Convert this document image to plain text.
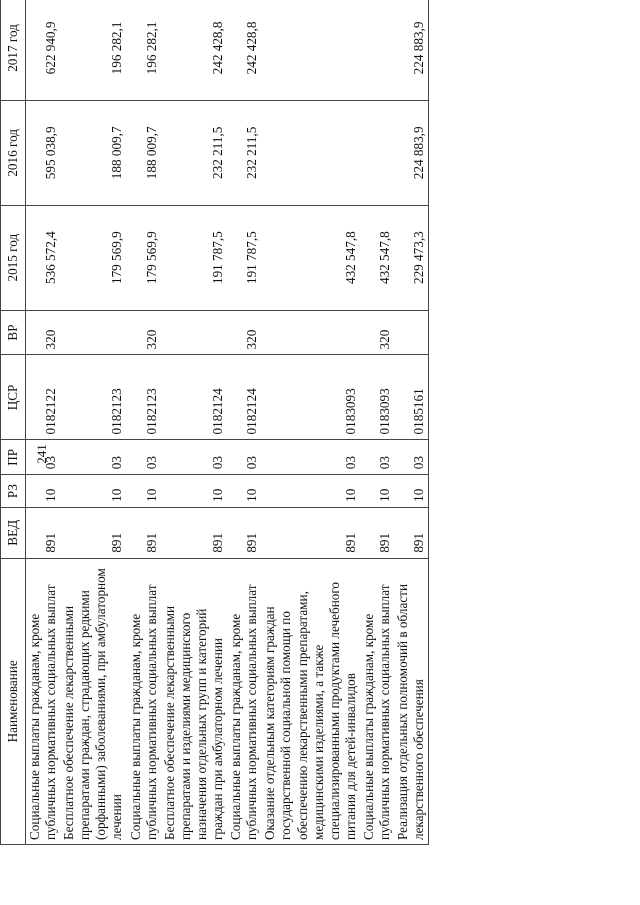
241
Наименование	ВЕД	РЗ	ПР	ЦСР	ВР	2015 год	2016 год	2017 год
Социальные выплаты гражданам, кроме публичных нормативных социальных выплат	891	10	03	0182122	320	536 572,4	595 038,9	622 940,9
Бесплатное обеспечение лекарственными препаратами граждан, страдающих редкими (орфанными) заболеваниями, при амбулаторном лечении	891	10	03	0182123		179 569,9	188 009,7	196 282,1
Социальные выплаты гражданам, кроме публичных нормативных социальных выплат	891	10	03	0182123	320	179 569,9	188 009,7	196 282,1
Бесплатное обеспечение лекарственными препаратами и изделиями медицинского назначения отдельных групп и категорий граждан при амбулаторном лечении	891	10	03	0182124		191 787,5	232 211,5	242 428,8
Социальные выплаты гражданам, кроме публичных нормативных социальных выплат	891	10	03	0182124	320	191 787,5	232 211,5	242 428,8
Оказание отдельным категориям граждан государственной социальной помощи по обеспечению лекарственными препаратами, медицинскими изделиями, а также специализированными продуктами лечебного питания для детей-инвалидов	891	10	03	0183093		432 547,8		
Социальные выплаты гражданам, кроме публичных нормативных социальных выплат	891	10	03	0183093	320	432 547,8		
Реализация отдельных полномочий в области лекарственного обеспечения	891	10	03	0185161		229 473,3	224 883,9	224 883,9
